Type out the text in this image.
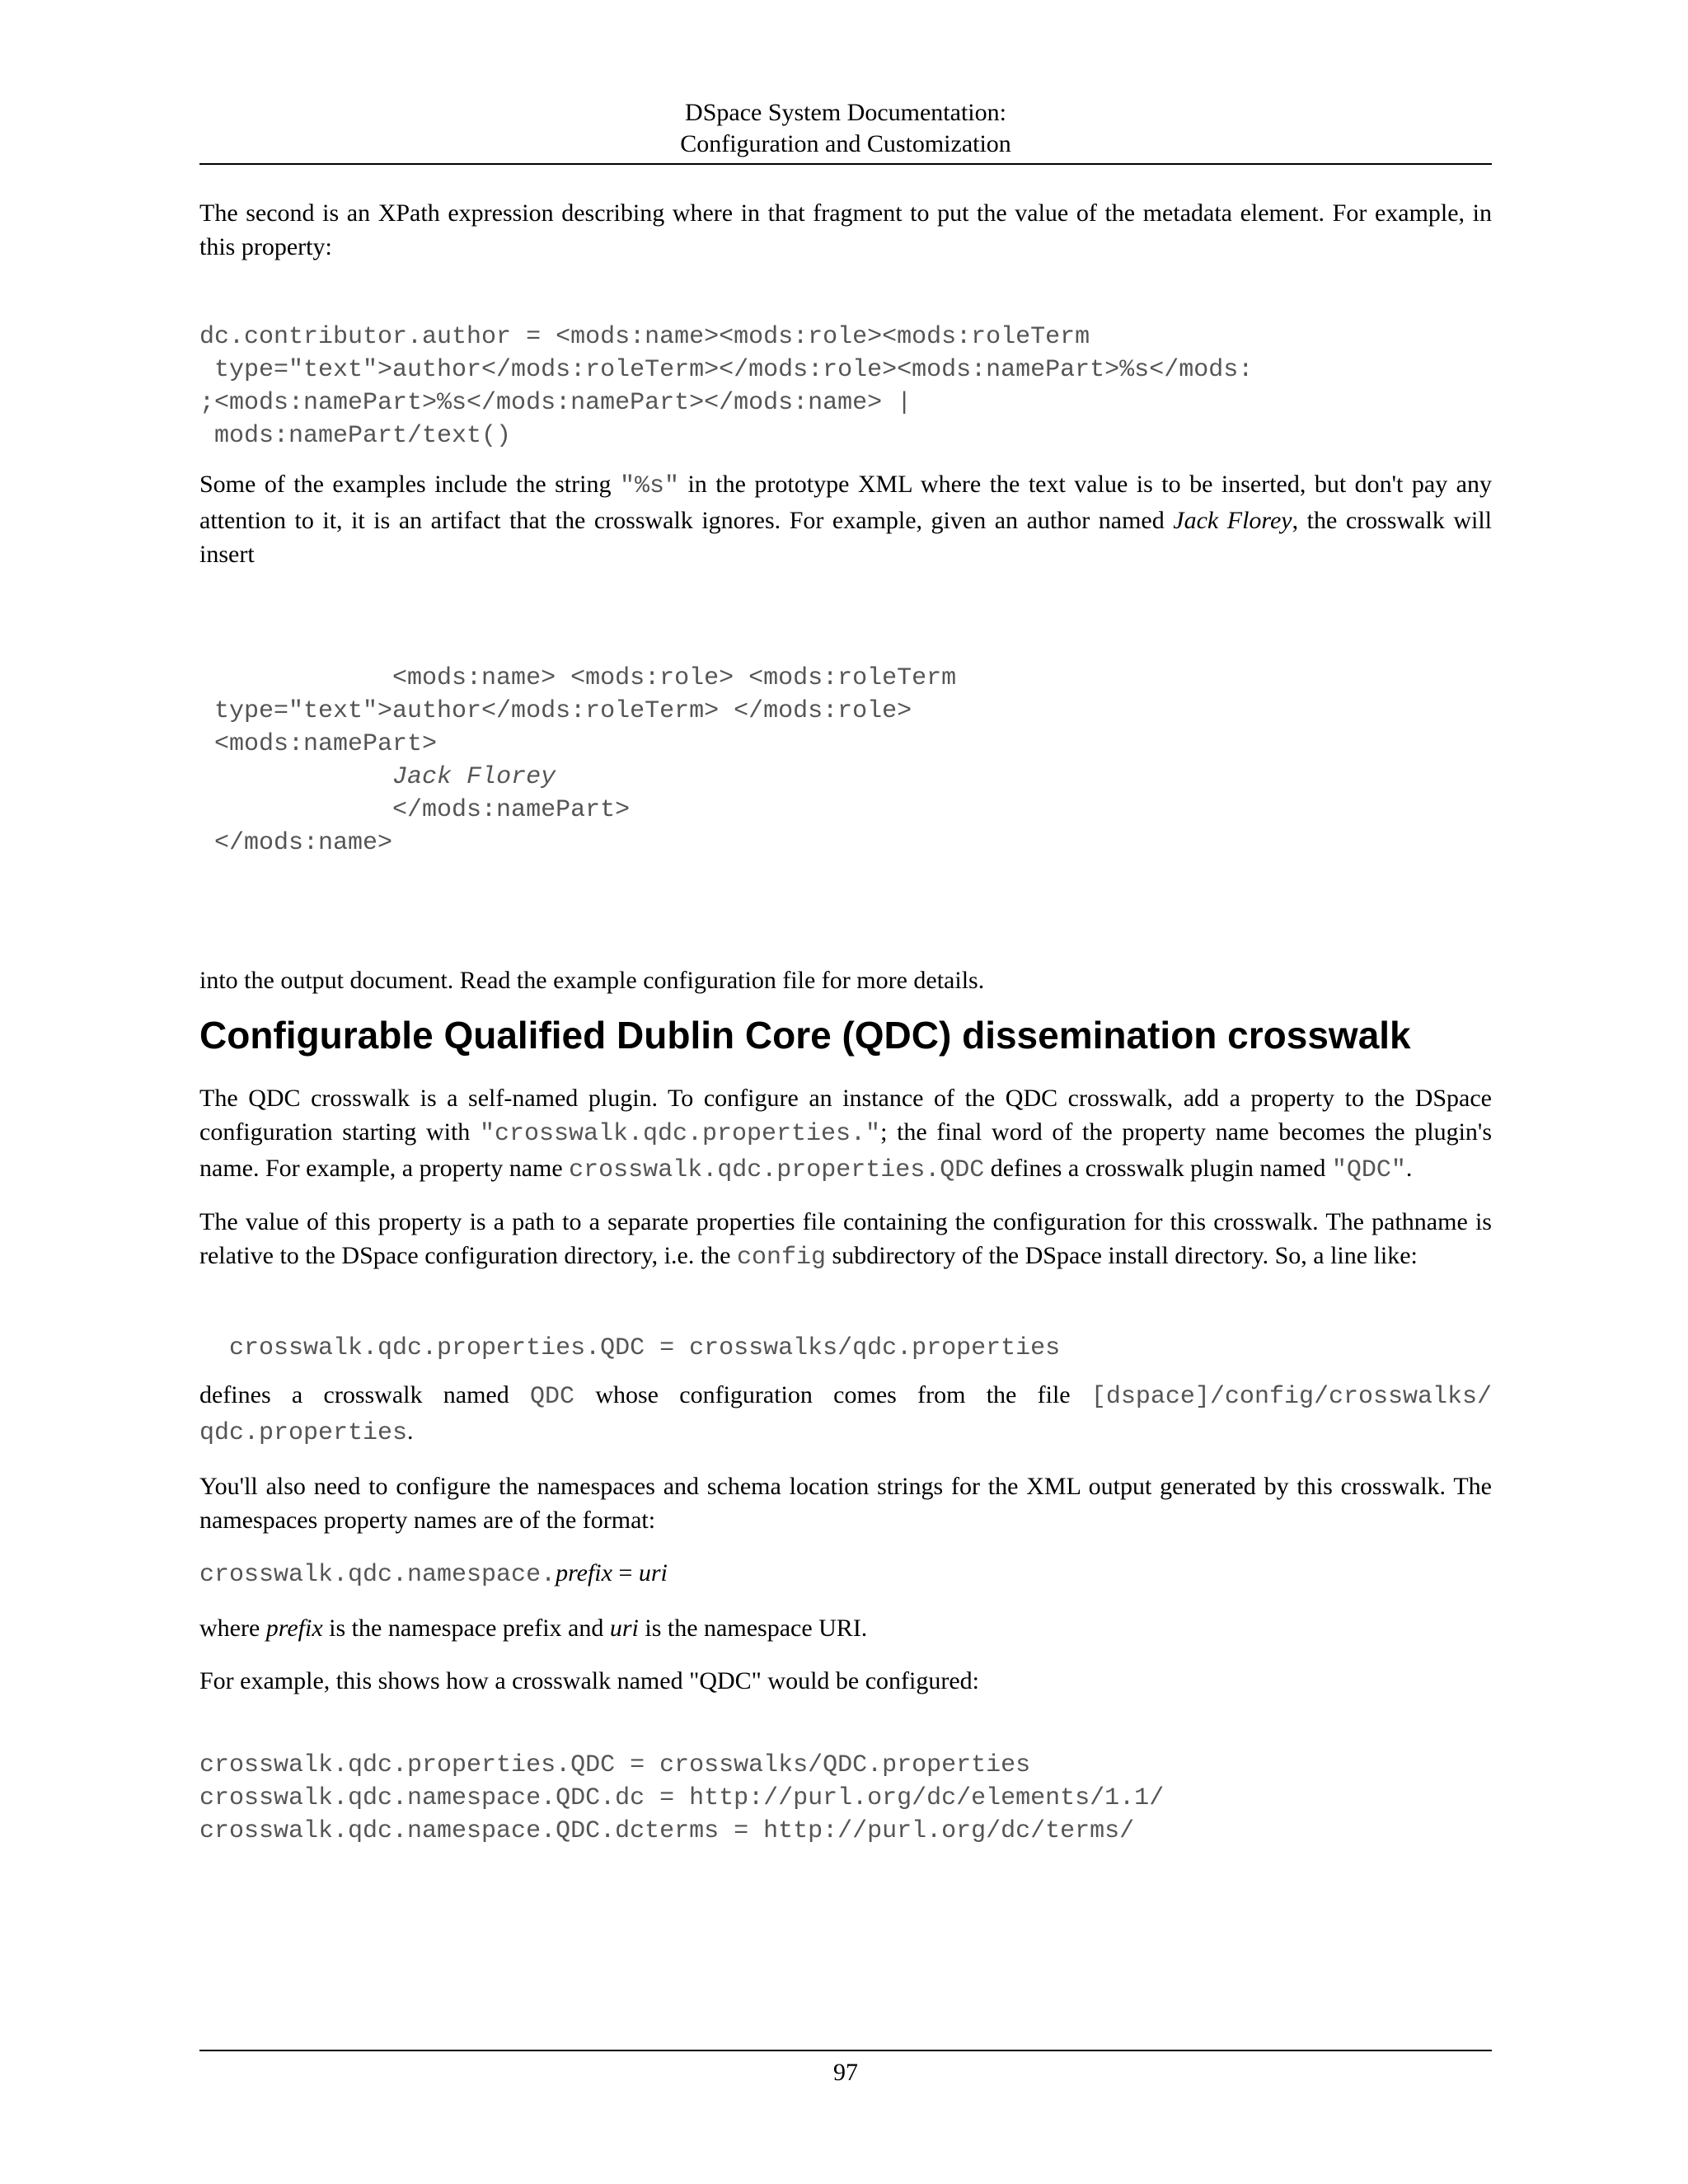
DSpace System Documentation:
Configuration and Customization

The second is an XPath expression describing where in that fragment to put the value of the metadata element. For example, in this property:

dc.contributor.author = <mods:name><mods:role><mods:roleTerm
type="text">author</mods:roleTerm></mods:role><mods:namePart>%s</mods:
;<mods:namePart>%s</mods:namePart></mods:name> |
mods:namePart/text()

Some of the examples include the string "%s" in the prototype XML where the text value is to be inserted, but don't pay any attention to it, it is an artifact that the crosswalk ignores. For example, given an author named Jack Florey, the crosswalk will insert

<mods:name> <mods:role> <mods:roleTerm
type="text">author</mods:roleTerm> </mods:role>
<mods:namePart>
Jack Florey
</mods:namePart>
</mods:name>

into the output document. Read the example configuration file for more details.

Configurable Qualified Dublin Core (QDC) dissemination crosswalk

The QDC crosswalk is a self-named plugin. To configure an instance of the QDC crosswalk, add a property to the DSpace configuration starting with "crosswalk.qdc.properties."; the final word of the property name becomes the plugin's name. For example, a property name crosswalk.qdc.properties.QDC defines a crosswalk plugin named "QDC".

The value of this property is a path to a separate properties file containing the configuration for this crosswalk. The pathname is relative to the DSpace configuration directory, i.e. the config subdirectory of the DSpace install directory. So, a line like:

crosswalk.qdc.properties.QDC = crosswalks/qdc.properties

defines a crosswalk named QDC whose configuration comes from the file [dspace]/config/crosswalks/ qdc.properties.

You'll also need to configure the namespaces and schema location strings for the XML output generated by this crosswalk. The namespaces property names are of the format:

crosswalk.qdc.namespace.prefix = uri

where prefix is the namespace prefix and uri is the namespace URI.

For example, this shows how a crosswalk named "QDC" would be configured:

crosswalk.qdc.properties.QDC = crosswalks/QDC.properties
crosswalk.qdc.namespace.QDC.dc = http://purl.org/dc/elements/1.1/
crosswalk.qdc.namespace.QDC.dcterms = http://purl.org/dc/terms/
97
